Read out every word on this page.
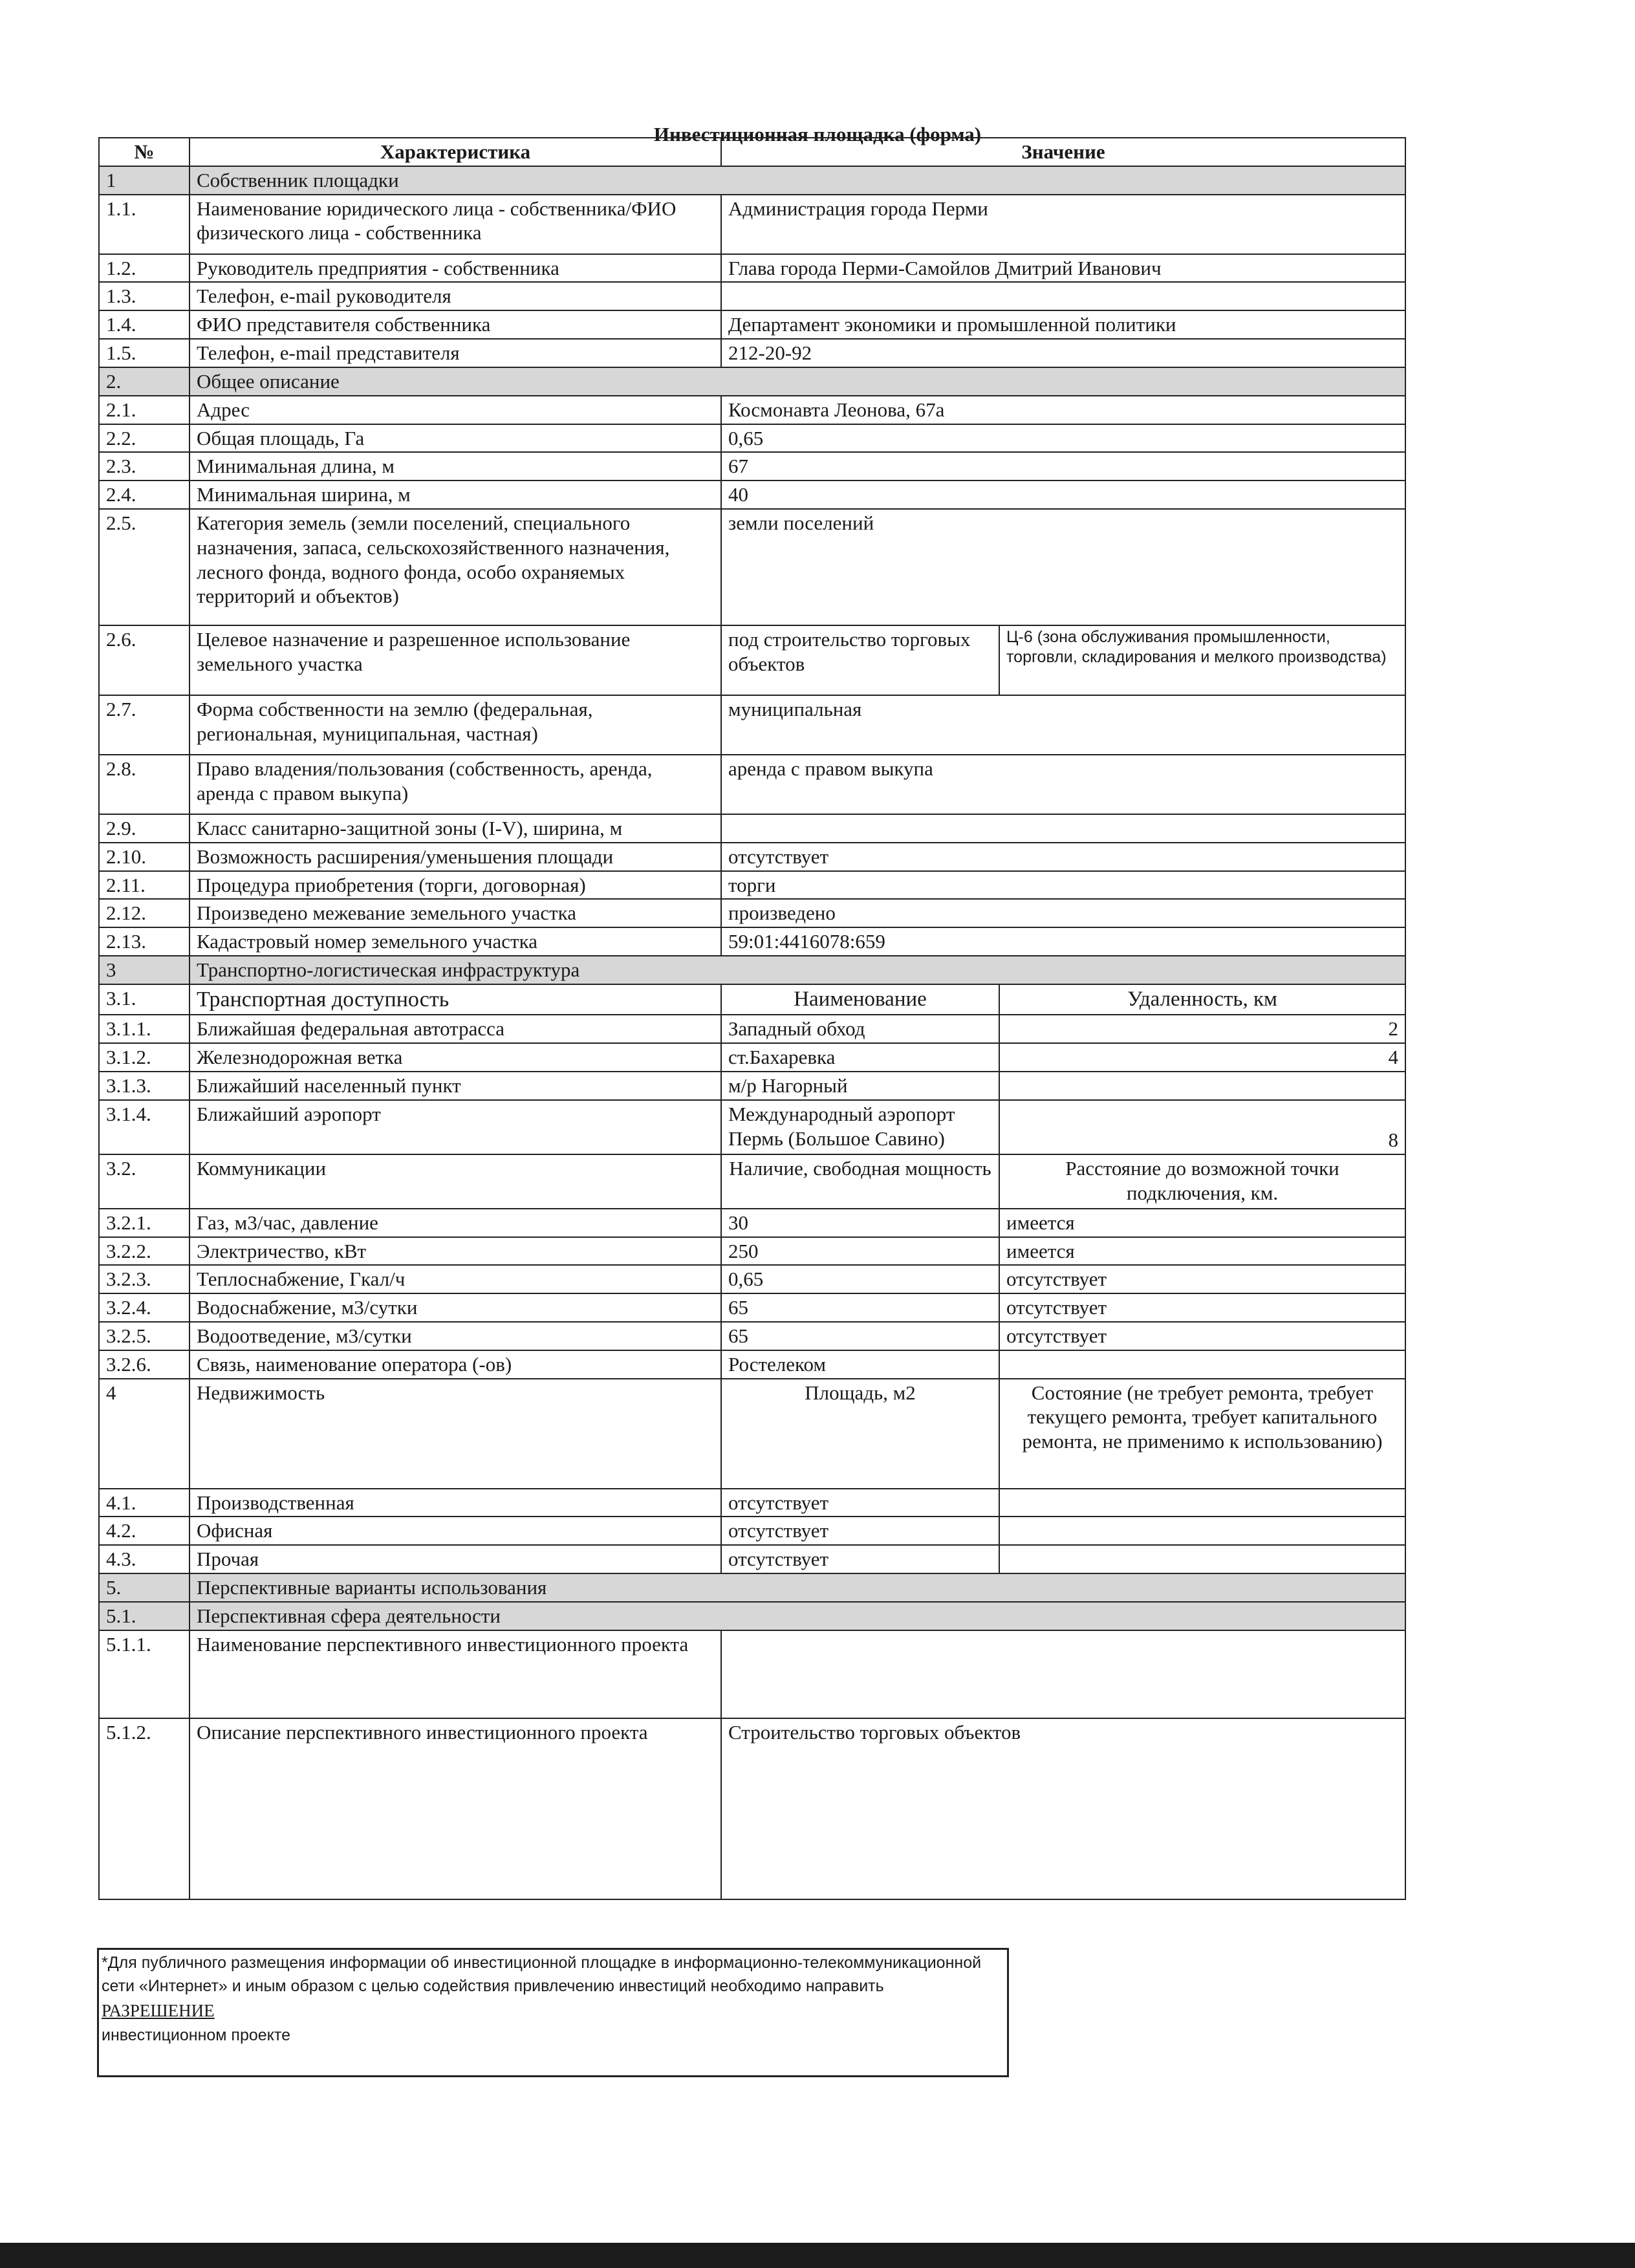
Инвестиционная площадка (форма)
№	Характеристика	Значение	
1	Собственник площадки		
1.1.	Наименование юридического лица - собственника/ФИО физического лица - собственника	Администрация города Перми	
1.2.	Руководитель предприятия - собственника	Глава города Перми-Самойлов Дмитрий Иванович	
1.3.	Телефон, e-mail руководителя		
1.4.	ФИО представителя собственника	Департамент экономики и промышленной политики	
1.5.	Телефон, e-mail представителя	212-20-92	
2.	Общее описание		
2.1.	Адрес	Космонавта Леонова, 67а	
2.2.	Общая площадь, Га	0,65	
2.3.	Минимальная длина, м	67	
2.4.	Минимальная ширина, м	40	
2.5.	Категория земель (земли поселений, специального назначения, запаса, сельскохозяйственного назначения, лесного фонда, водного фонда, особо охраняемых территорий и объектов)	земли поселений	
2.6.	Целевое назначение и разрешенное использование земельного участка	под строительство торговых объектов	Ц-6 (зона обслуживания промышленности, торговли, складирования и мелкого производства)
2.7.	Форма собственности на землю (федеральная, региональная, муниципальная, частная)	муниципальная	
2.8.	Право владения/пользования (собственность, аренда, аренда с правом выкупа)	аренда с правом выкупа	
2.9.	Класс санитарно-защитной зоны (I-V), ширина, м		
2.10.	Возможность расширения/уменьшения площади	отсутствует	
2.11.	Процедура приобретения (торги, договорная)	торги	
2.12.	Произведено межевание земельного участка	произведено	
2.13.	Кадастровый номер земельного участка	59:01:4416078:659	
3	Транспортно-логистическая инфраструктура		
3.1.	Транспортная доступность	Наименование	Удаленность, км
3.1.1.	Ближайшая федеральная автотрасса	Западный обход	2
3.1.2.	Железнодорожная ветка	ст.Бахаревка	4
3.1.3.	Ближайший населенный пункт	м/р Нагорный	
3.1.4.	Ближайший аэропорт	Международный аэропорт Пермь (Большое Савино)	8
3.2.	Коммуникации	Наличие, свободная мощность	Расстояние до возможной точки подключения, км.
3.2.1.	Газ, м3/час, давление	30	имеется
3.2.2.	Электричество, кВт	250	имеется
3.2.3.	Теплоснабжение, Гкал/ч	0,65	отсутствует
3.2.4.	Водоснабжение, м3/сутки	65	отсутствует
3.2.5.	Водоотведение, м3/сутки	65	отсутствует
3.2.6.	Связь, наименование оператора (-ов)	Ростелеком	
4	Недвижимость	Площадь, м2	Состояние (не требует ремонта, требует текущего ремонта, требует капитального ремонта, не применимо к использованию)
4.1.	Производственная	отсутствует	
4.2.	Офисная	отсутствует	
4.3.	Прочая	отсутствует	
5.	Перспективные варианты использования		
5.1.	Перспективная сфера деятельности		
5.1.1.	Наименование перспективного инвестиционного проекта		
5.1.2.	Описание перспективного инвестиционного проекта	Строительство торговых объектов	
*Для публичного размещения информации об инвестиционной площадке в информационно-телекоммуникационной сети «Интернет» и иным образом с целью содействия привлечению инвестиций необходимо направить
РАЗРЕШЕНИЕ
инвестиционном проекте
